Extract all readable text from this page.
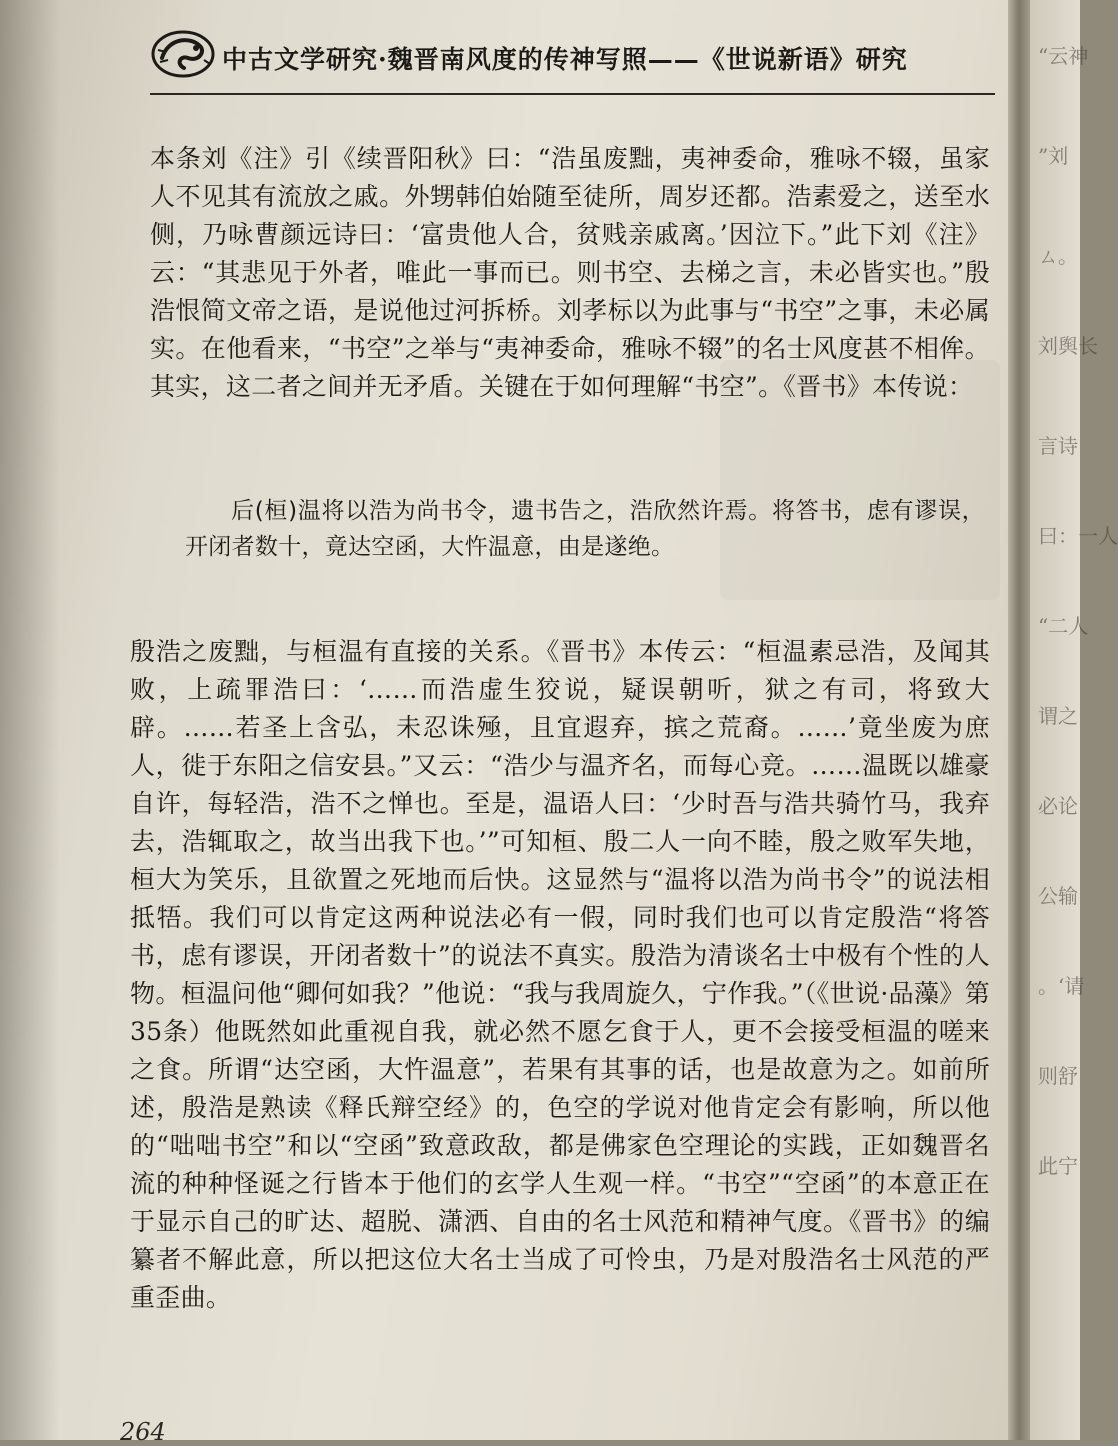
中古文学研究·魏晋南风度的传神写照——《世说新语》研究
本条刘《注》引《续晋阳秋》曰：“浩虽废黜，夷神委命，雅咏不辍，虽家人不见其有流放之戚。外甥韩伯始随至徒所，周岁还都。浩素爱之，送至水侧，乃咏曹颜远诗曰：‘富贵他人合，贫贱亲戚离。’因泣下。”此下刘《注》云：“其悲见于外者，唯此一事而已。则书空、去梯之言，未必皆实也。”殷浩恨简文帝之语，是说他过河拆桥。刘孝标以为此事与“书空”之事，未必属实。在他看来，“书空”之举与“夷神委命，雅咏不辍”的名士风度甚不相侔。其实，这二者之间并无矛盾。关键在于如何理解“书空”。《晋书》本传说：
后(桓)温将以浩为尚书令，遗书告之，浩欣然许焉。将答书，虑有谬误，开闭者数十，竟达空函，大忤温意，由是遂绝。
殷浩之废黜，与桓温有直接的关系。《晋书》本传云：“桓温素忌浩，及闻其败，上疏罪浩曰：‘……而浩虚生狡说，疑误朝听，狱之有司，将致大辟。……若圣上含弘，未忍诛殛，且宜遐弃，摈之荒裔。……’竟坐废为庶人，徙于东阳之信安县。”又云：“浩少与温齐名，而每心竞。……温既以雄豪自许，每轻浩，浩不之惮也。至是，温语人曰：‘少时吾与浩共骑竹马，我弃去，浩辄取之，故当出我下也。’”可知桓、殷二人一向不睦，殷之败军失地，桓大为笑乐，且欲置之死地而后快。这显然与“温将以浩为尚书令”的说法相抵牾。我们可以肯定这两种说法必有一假，同时我们也可以肯定殷浩“将答书，虑有谬误，开闭者数十”的说法不真实。殷浩为清谈名士中极有个性的人物。桓温问他“卿何如我？”他说：“我与我周旋久，宁作我。”（《世说·品藻》第35条）他既然如此重视自我，就必然不愿乞食于人，更不会接受桓温的嗟来之食。所谓“达空函，大忤温意”，若果有其事的话，也是故意为之。如前所述，殷浩是熟读《释氏辩空经》的，色空的学说对他肯定会有影响，所以他的“咄咄书空”和以“空函”致意政敌，都是佛家色空理论的实践，正如魏晋名流的种种怪诞之行皆本于他们的玄学人生观一样。“书空”“空函”的本意正在于显示自己的旷达、超脱、潇洒、自由的名士风范和精神气度。《晋书》的编纂者不解此意，所以把这位大名士当成了可怜虫，乃是对殷浩名士风范的严重歪曲。
264
“云神
”刘
ㄙ。
刘舆长
言诗
曰：一人
“二人
谓之
必论
公输
。‘请
则舒
此宁
